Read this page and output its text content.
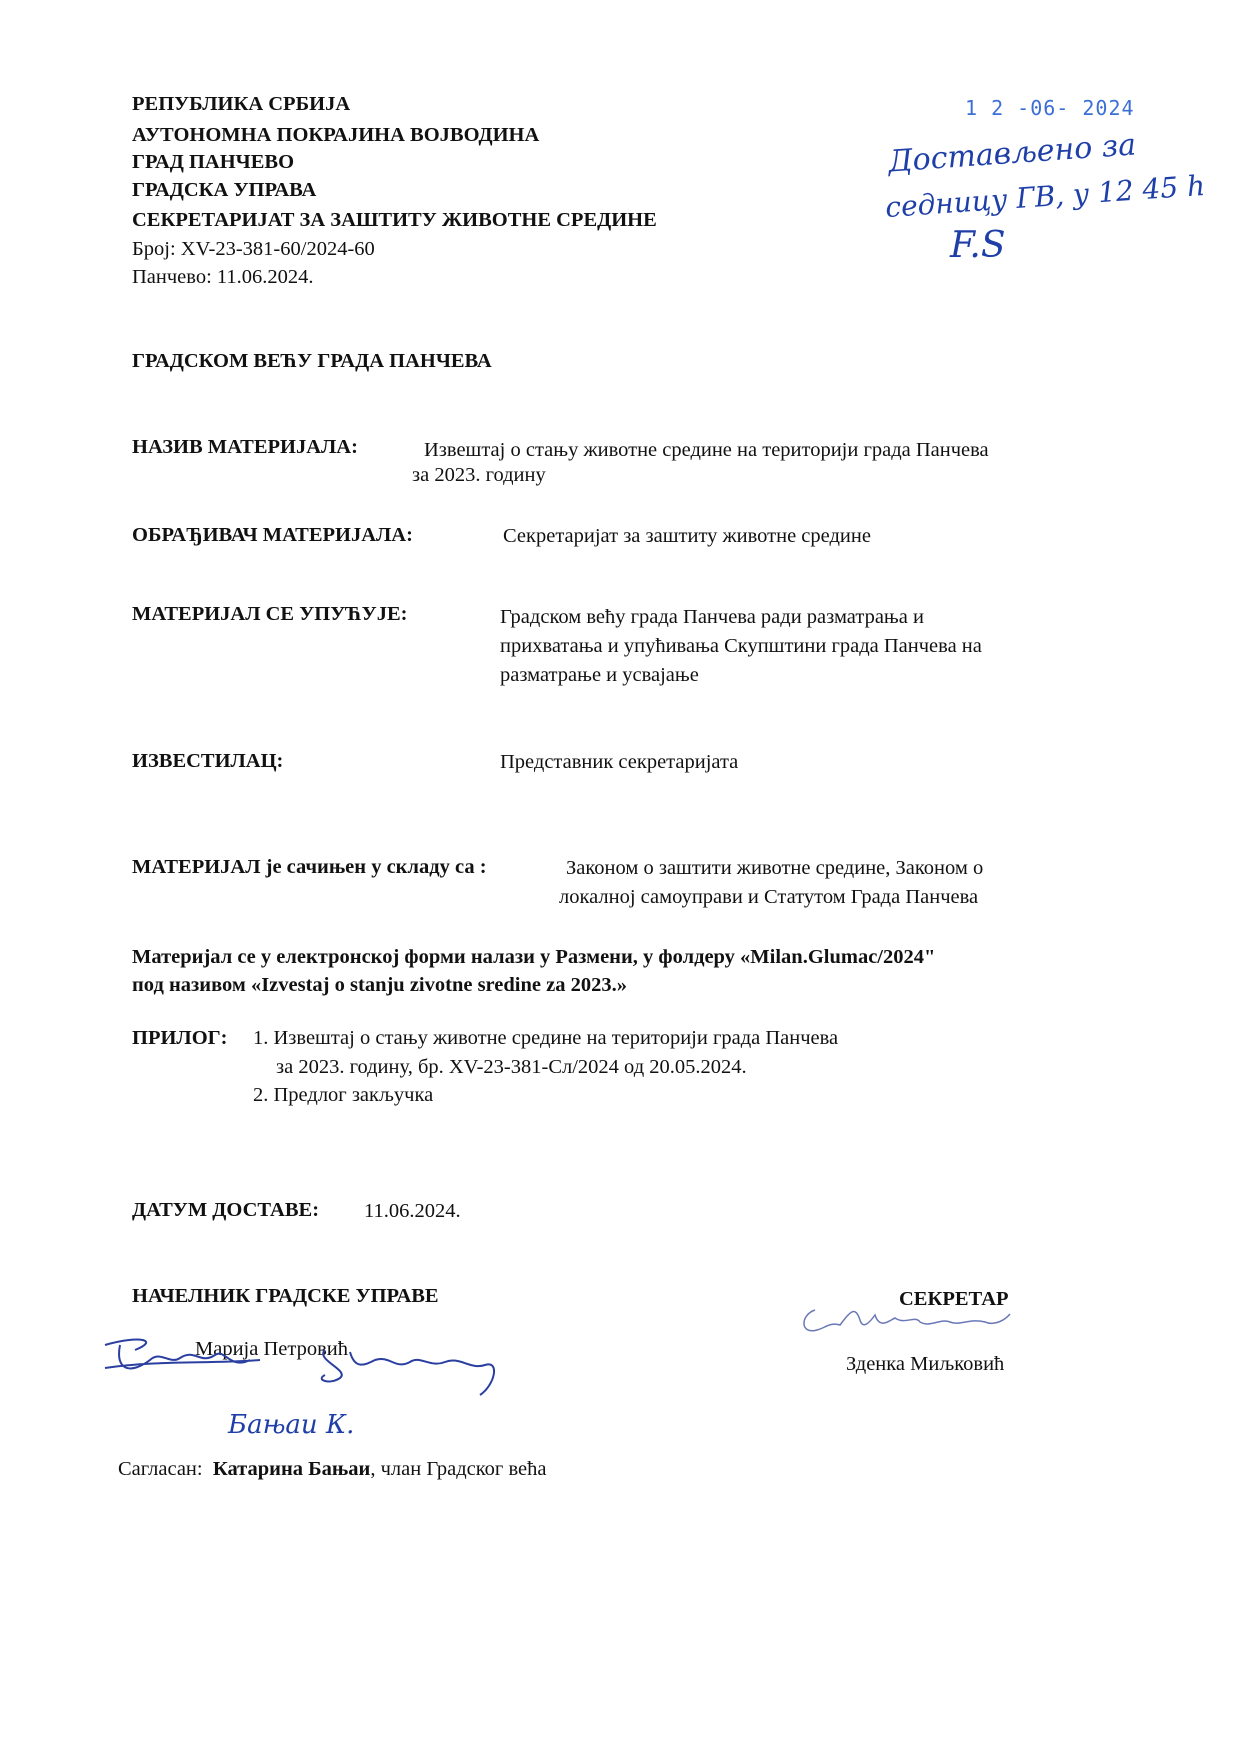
РЕПУБЛИКА СРБИЈА
АУТОНОМНА ПОКРАЈИНА ВОЈВОДИНА
ГРАД ПАНЧЕВО
ГРАДСКА УПРАВА
СЕКРЕТАРИЈАТ ЗА ЗАШТИТУ ЖИВОТНЕ СРЕДИНЕ
Број: XV-23-381-60/2024-60
Панчево: 11.06.2024.
1 2 -06- 2024
Достављено за
седницу ГВ, у 12 45 h
F.S
ГРАДСКОМ ВЕЋУ ГРАДА ПАНЧЕВА
НАЗИВ МАТЕРИЈАЛА:	Извештај о стању животне средине на територији града Панчева
за 2023. годину
ОБРАЂИВАЧ МАТЕРИЈАЛА:	Секретаријат за заштиту животне средине
МАТЕРИЈАЛ СЕ УПУЋУЈЕ:	Градском већу града Панчева ради разматрања и
прихватања и упућивања Скупштини града Панчева на
разматрање и усвајање
ИЗВЕСТИЛАЦ:	Представник секретаријата
МАТЕРИЈАЛ је сачињен у складу са :	Законом о заштити животне средине, Законом о
локалној самоуправи и Статутом Града Панчева
Материјал се у електронској форми налази у Размени, у фолдеру «Milan.Glumac/2024"
под називом «Izvestaj o stanju zivotne sredine za 2023.»
ПРИЛОГ: 1. Извештај о стању животне средине на територији града Панчева
за 2023. годину, бр. XV-23-381-Сл/2024 од 20.05.2024.
2. Предлог закључка
ДАТУМ ДОСТАВЕ: 11.06.2024.
НАЧЕЛНИК ГРАДСКЕ УПРАВЕ
Марија Петровић
Бањаи К.
Сагласан: Катарина Бањаи, члан Градског већа
СЕКРЕТАР
Зденка Миљковић
